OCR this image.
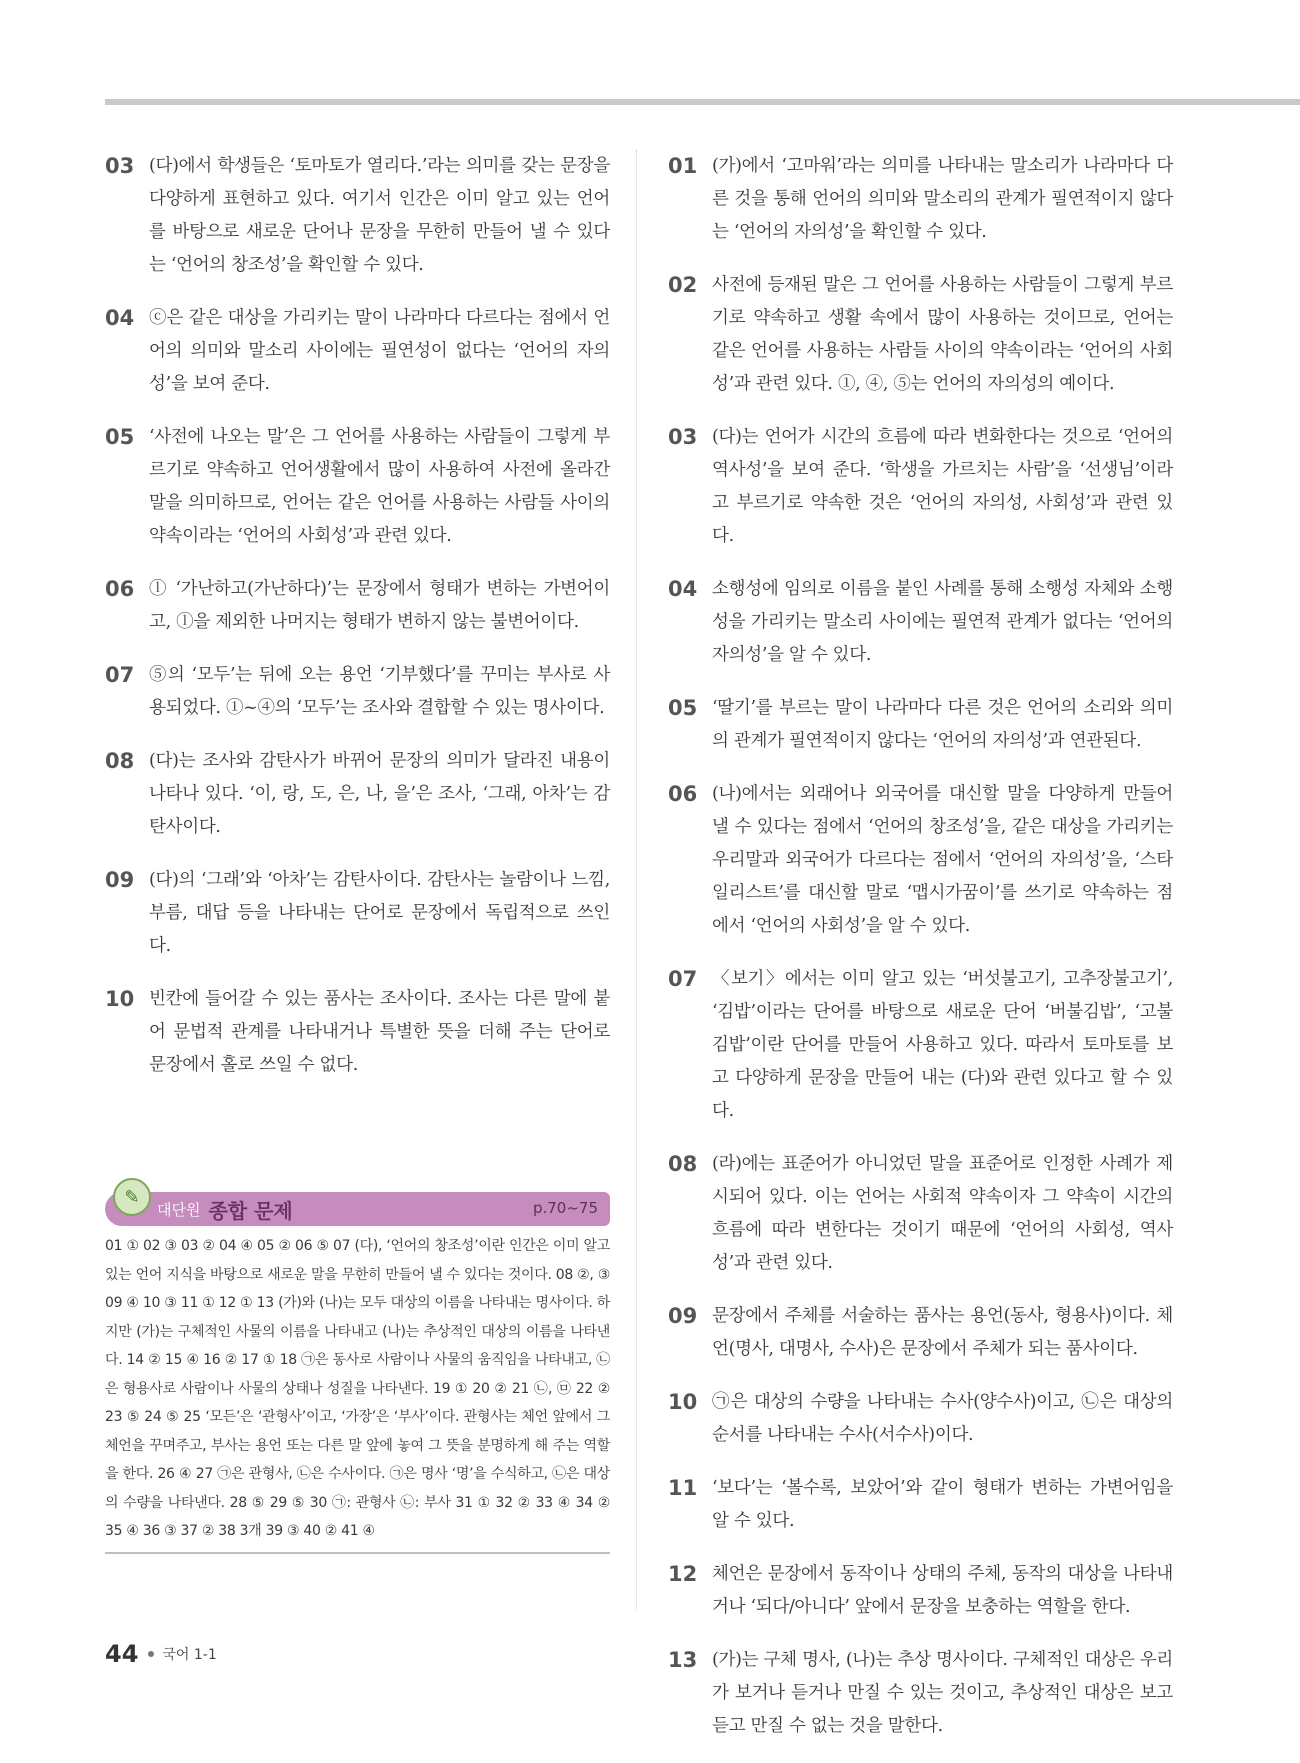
03 (다)에서 학생들은 ‘토마토가 열리다.’라는 의미를 갖는 문장을 다양하게 표현하고 있다. 여기서 인간은 이미 알고 있는 언어를 바탕으로 새로운 단어나 문장을 무한히 만들어 낼 수 있다는 ‘언어의 창조성’을 확인할 수 있다.
04 ⓒ은 같은 대상을 가리키는 말이 나라마다 다르다는 점에서 언어의 의미와 말소리 사이에는 필연성이 없다는 ‘언어의 자의성’을 보여 준다.
05 ‘사전에 나오는 말’은 그 언어를 사용하는 사람들이 그렇게 부르기로 약속하고 언어생활에서 많이 사용하여 사전에 올라간 말을 의미하므로, 언어는 같은 언어를 사용하는 사람들 사이의 약속이라는 ‘언어의 사회성’과 관련 있다.
06 ⓛ ‘가난하고(가난하다)’는 문장에서 형태가 변하는 가변어이고, ⓛ을 제외한 나머지는 형태가 변하지 않는 불변어이다.
07 ⑤의 ‘모두’는 뒤에 오는 용언 ‘기부했다’를 꾸미는 부사로 사용되었다. ①~④의 ‘모두’는 조사와 결합할 수 있는 명사이다.
08 (다)는 조사와 감탄사가 바뀌어 문장의 의미가 달라진 내용이 나타나 있다. ‘이, 랑, 도, 은, 나, 을’은 조사, ‘그래, 아차’는 감탄사이다.
09 (다)의 ‘그래’와 ‘아차’는 감탄사이다. 감탄사는 놀람이나 느낌, 부름, 대답 등을 나타내는 단어로 문장에서 독립적으로 쓰인다.
10 빈칸에 들어갈 수 있는 품사는 조사이다. 조사는 다른 말에 붙어 문법적 관계를 나타내거나 특별한 뜻을 더해 주는 단어로 문장에서 홀로 쓰일 수 없다.
01 (가)에서 ‘고마워’라는 의미를 나타내는 말소리가 나라마다 다른 것을 통해 언어의 의미와 말소리의 관계가 필연적이지 않다는 ‘언어의 자의성’을 확인할 수 있다.
02 사전에 등재된 말은 그 언어를 사용하는 사람들이 그렇게 부르기로 약속하고 생활 속에서 많이 사용하는 것이므로, 언어는 같은 언어를 사용하는 사람들 사이의 약속이라는 ‘언어의 사회성’과 관련 있다. ①, ④, ⑤는 언어의 자의성의 예이다.
03 (다)는 언어가 시간의 흐름에 따라 변화한다는 것으로 ‘언어의 역사성’을 보여 준다. ‘학생을 가르치는 사람’을 ‘선생님’이라고 부르기로 약속한 것은 ‘언어의 자의성, 사회성’과 관련 있다.
04 소행성에 임의로 이름을 붙인 사례를 통해 소행성 자체와 소행성을 가리키는 말소리 사이에는 필연적 관계가 없다는 ‘언어의 자의성’을 알 수 있다.
05 ‘딸기’를 부르는 말이 나라마다 다른 것은 언어의 소리와 의미의 관계가 필연적이지 않다는 ‘언어의 자의성’과 연관된다.
06 (나)에서는 외래어나 외국어를 대신할 말을 다양하게 만들어 낼 수 있다는 점에서 ‘언어의 창조성’을, 같은 대상을 가리키는 우리말과 외국어가 다르다는 점에서 ‘언어의 자의성’을, ‘스타일리스트’를 대신할 말로 ‘맵시가꿈이’를 쓰기로 약속하는 점에서 ‘언어의 사회성’을 알 수 있다.
07 〈보기〉에서는 이미 알고 있는 ‘버섯불고기, 고추장불고기’, ‘김밥’이라는 단어를 바탕으로 새로운 단어 ‘버불김밥’, ‘고불김밥’이란 단어를 만들어 사용하고 있다. 따라서 토마토를 보고 다양하게 문장을 만들어 내는 (다)와 관련 있다고 할 수 있다.
08 (라)에는 표준어가 아니었던 말을 표준어로 인정한 사례가 제시되어 있다. 이는 언어는 사회적 약속이자 그 약속이 시간의 흐름에 따라 변한다는 것이기 때문에 ‘언어의 사회성, 역사성’과 관련 있다.
09 문장에서 주체를 서술하는 품사는 용언(동사, 형용사)이다. 체언(명사, 대명사, 수사)은 문장에서 주체가 되는 품사이다.
10 ㉠은 대상의 수량을 나타내는 수사(양수사)이고, ㉡은 대상의 순서를 나타내는 수사(서수사)이다.
11 ‘보다’는 ‘볼수록, 보았어’와 같이 형태가 변하는 가변어임을 알 수 있다.
12 체언은 문장에서 동작이나 상태의 주체, 동작의 대상을 나타내거나 ‘되다/아니다’ 앞에서 문장을 보충하는 역할을 한다.
13 (가)는 구체 명사, (나)는 추상 명사이다. 구체적인 대상은 우리가 보거나 듣거나 만질 수 있는 것이고, 추상적인 대상은 보고 듣고 만질 수 없는 것을 말한다.
✎
대단원 종합 문제	p.70~75
01 ① 02 ③ 03 ② 04 ④ 05 ② 06 ⑤ 07 (다), ‘언어의 창조성’이란 인간은 이미 알고 있는 언어 지식을 바탕으로 새로운 말을 무한히 만들어 낼 수 있다는 것이다. 08 ②, ③ 09 ④ 10 ③ 11 ① 12 ① 13 (가)와 (나)는 모두 대상의 이름을 나타내는 명사이다. 하지만 (가)는 구체적인 사물의 이름을 나타내고 (나)는 추상적인 대상의 이름을 나타낸다. 14 ② 15 ④ 16 ② 17 ① 18 ㉠은 동사로 사람이나 사물의 움직임을 나타내고, ㉡은 형용사로 사람이나 사물의 상태나 성질을 나타낸다. 19 ① 20 ② 21 ㉡, ㉤ 22 ② 23 ⑤ 24 ⑤ 25 ‘모든’은 ‘관형사’이고, ‘가장’은 ‘부사’이다. 관형사는 체언 앞에서 그 체언을 꾸며주고, 부사는 용언 또는 다른 말 앞에 놓여 그 뜻을 분명하게 해 주는 역할을 한다. 26 ④ 27 ㉠은 관형사, ㉡은 수사이다. ㉠은 명사 ‘명’을 수식하고, ㉡은 대상의 수량을 나타낸다. 28 ⑤ 29 ⑤ 30 ㉠: 관형사 ㉡: 부사 31 ① 32 ② 33 ④ 34 ② 35 ④ 36 ③ 37 ② 38 3개 39 ③ 40 ② 41 ④
44 국어 1-1
